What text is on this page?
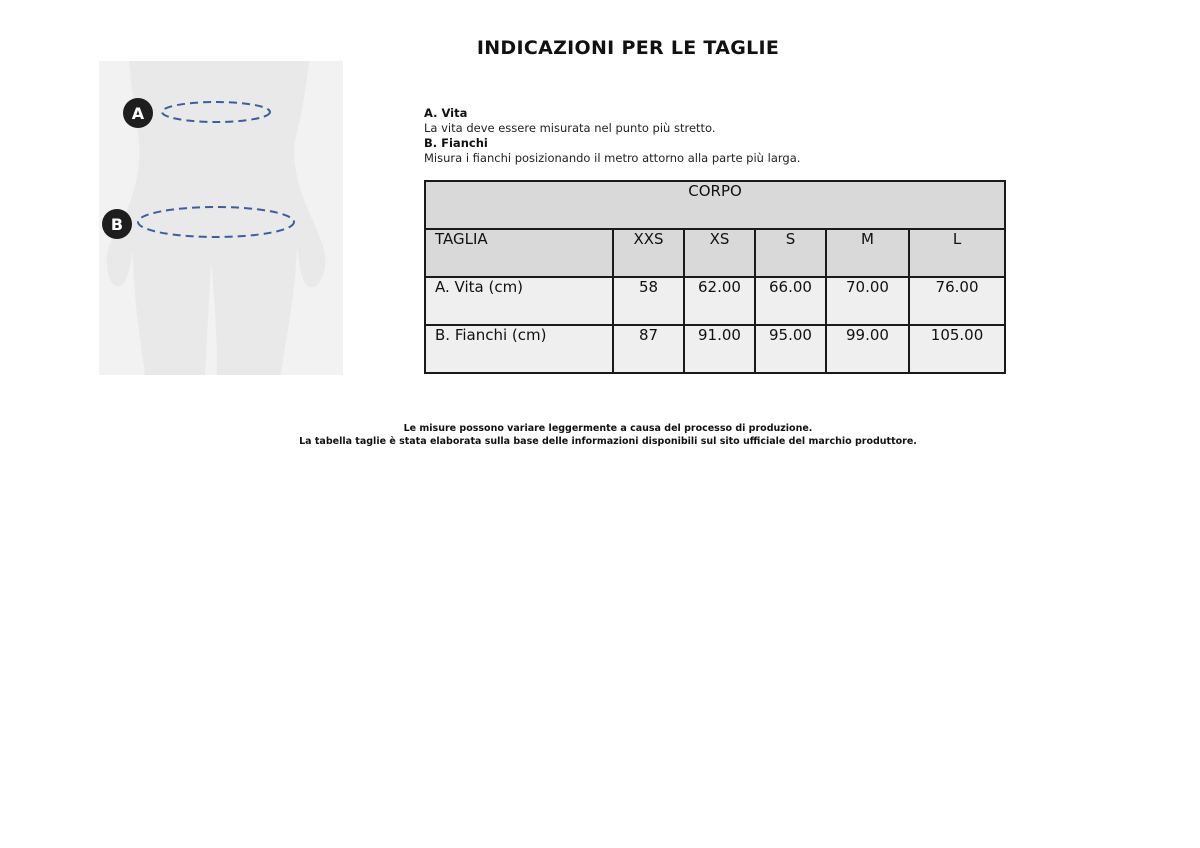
INDICAZIONI PER LE TAGLIE
A
B
A. Vita
La vita deve essere misurata nel punto più stretto.
B. Fianchi
Misura i fianchi posizionando il metro attorno alla parte più larga.
CORPO					
TAGLIA	XXS	XS	S	M	L
A. Vita (cm)	58	62.00	66.00	70.00	76.00
B. Fianchi (cm)	87	91.00	95.00	99.00	105.00
Le misure possono variare leggermente a causa del processo di produzione.
La tabella taglie è stata elaborata sulla base delle informazioni disponibili sul sito ufficiale del marchio produttore.
